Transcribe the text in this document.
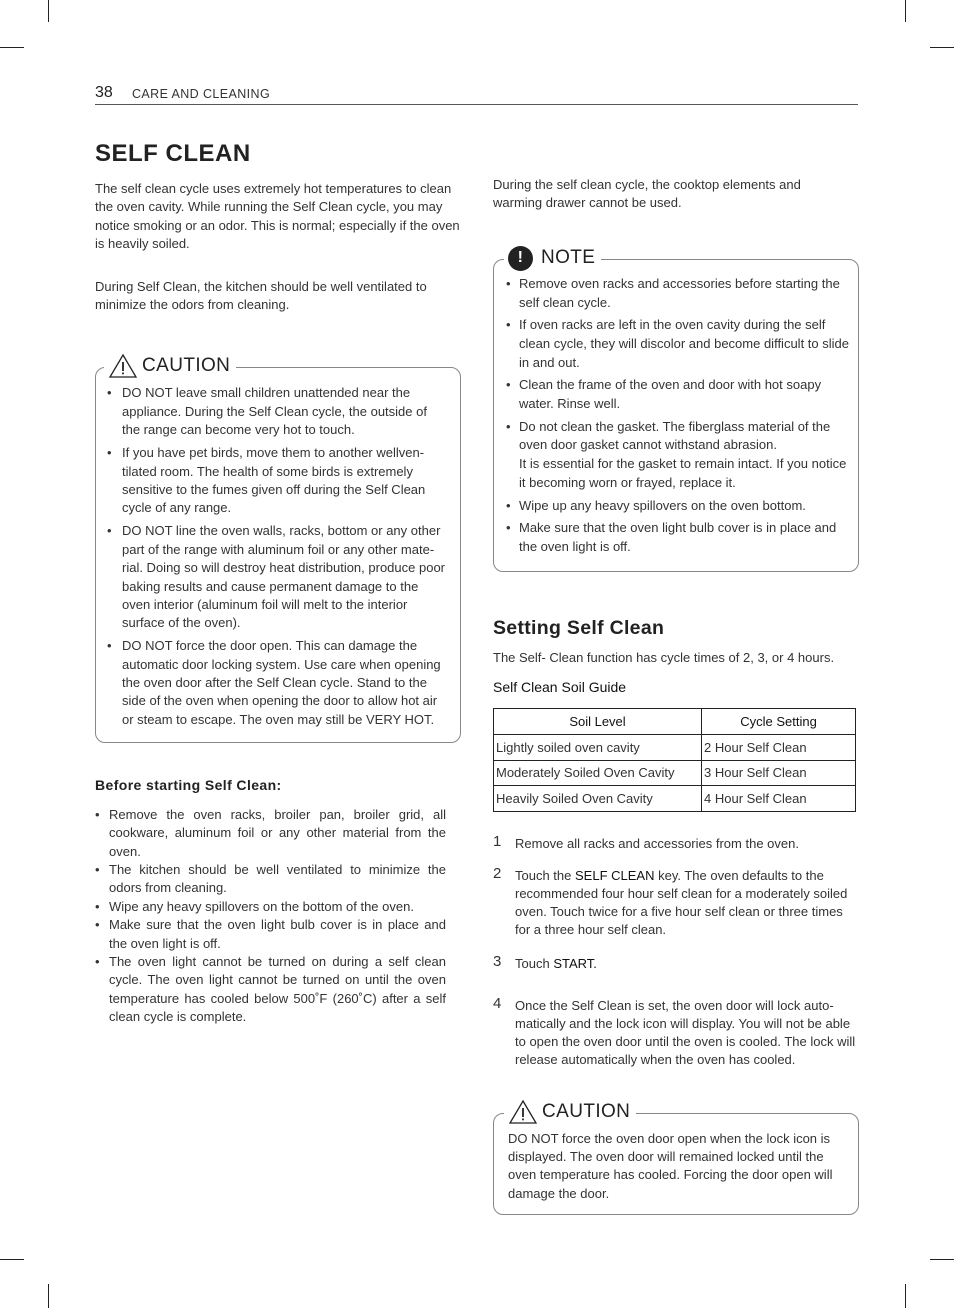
38 CARE AND CLEANING
SELF CLEAN

The self clean cycle uses extremely hot temperatures to clean the oven cavity. While running the Self Clean cycle, you may notice smoking or an odor. This is normal; especially if the oven is heavily soiled.

During Self Clean, the kitchen should be well ventilated to minimize the odors from cleaning.

CAUTION
• DO NOT leave small children unattended near the appliance. During the Self Clean cycle, the outside of the range can become very hot to touch.
• If you have pet birds, move them to another wellven-tilated room. The health of some birds is extremely sensitive to the fumes given off during the Self Clean cycle of any range.
• DO NOT line the oven walls, racks, bottom or any other part of the range with aluminum foil or any other mate-rial. Doing so will destroy heat distribution, produce poor baking results and cause permanent damage to the oven interior (aluminum foil will melt to the interior surface of the oven).
• DO NOT force the door open. This can damage the automatic door locking system. Use care when opening the oven door after the Self Clean cycle. Stand to the side of the oven when opening the door to allow hot air or steam to escape. The oven may still be VERY HOT.
Before starting Self Clean:
• Remove the oven racks, broiler pan, broiler grid, all cookware, aluminum foil or any other material from the oven.
• The kitchen should be well ventilated to minimize the odors from cleaning.
• Wipe any heavy spillovers on the bottom of the oven.
• Make sure that the oven light bulb cover is in place and the oven light is off.
• The oven light cannot be turned on during a self clean cycle. The oven light cannot be turned on until the oven temperature has cooled below 500˚F (260˚C) after a self clean cycle is complete.

During the self clean cycle, the cooktop elements and warming drawer cannot be used.

! NOTE
• Remove oven racks and accessories before starting the self clean cycle.
• If oven racks are left in the oven cavity during the self clean cycle, they will discolor and become difficult to slide in and out.
• Clean the frame of the oven and door with hot soapy water. Rinse well.
• Do not clean the gasket. The fiberglass material of the oven door gasket cannot withstand abrasion.
It is essential for the gasket to remain intact. If you notice it becoming worn or frayed, replace it.
• Wipe up any heavy spillovers on the oven bottom.
• Make sure that the oven light bulb cover is in place and the oven light is off.
Setting Self Clean

The Self- Clean function has cycle times of 2, 3, or 4 hours.

Self Clean Soil Guide
Soil Level	Cycle Setting
Lightly soiled oven cavity	2 Hour Self Clean
Moderately Soiled Oven Cavity	3 Hour Self Clean
Heavily Soiled Oven Cavity	4 Hour Self Clean
1 Remove all racks and accessories from the oven.
2 Touch the SELF CLEAN key. The oven defaults to the recommended four hour self clean for a moderately soiled oven. Touch twice for a five hour self clean or three times for a three hour self clean.
3 Touch START.
4 Once the Self Clean is set, the oven door will lock auto-matically and the lock icon will display. You will not be able to open the oven door until the oven is cooled. The lock will release automatically when the oven has cooled.
CAUTION

DO NOT force the oven door open when the lock icon is displayed. The oven door will remained locked until the oven temperature has cooled. Forcing the door open will damage the door.
